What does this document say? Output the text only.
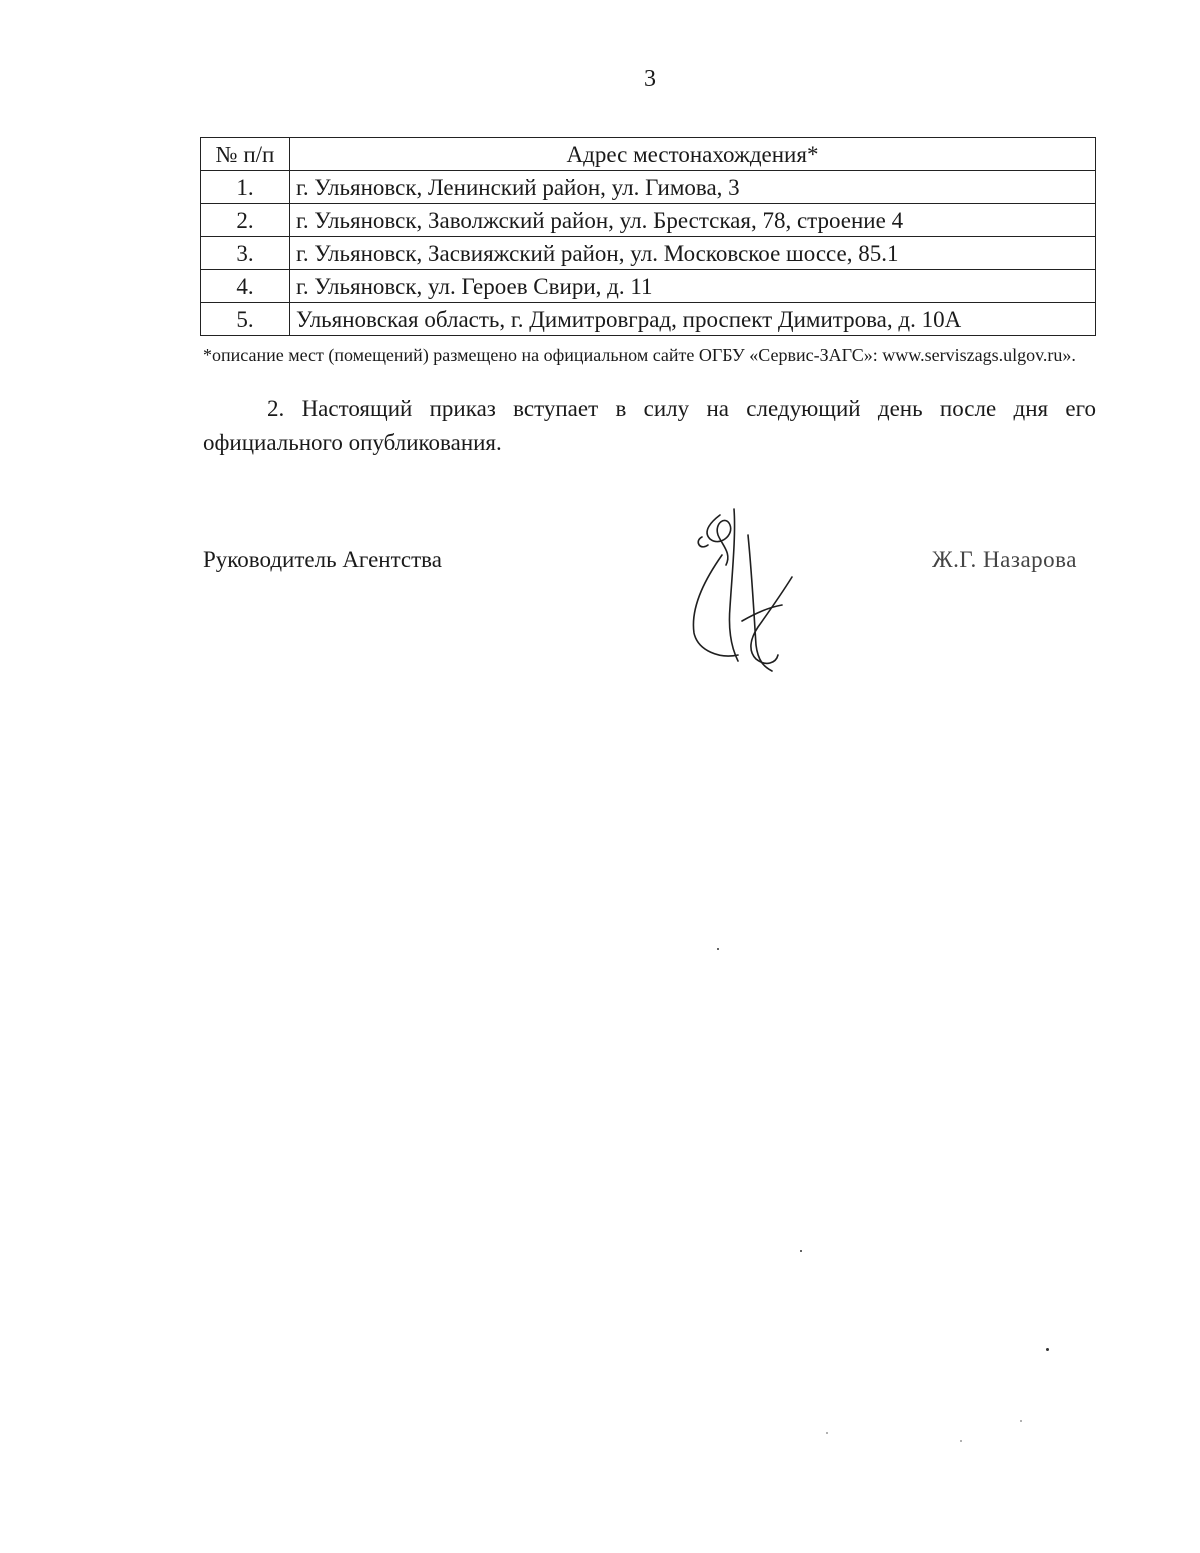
3
№ п/п	Адрес местонахождения*
1.	г. Ульяновск, Ленинский район, ул. Гимова, 3
2.	г. Ульяновск, Заволжский район, ул. Брестская, 78, строение 4
3.	г. Ульяновск, Засвияжский район, ул. Московское шоссе, 85.1
4.	г. Ульяновск, ул. Героев Свири, д. 11
5.	Ульяновская область, г. Димитровград, проспект Димитрова, д. 10А
*описание мест (помещений) размещено на официальном сайте ОГБУ «Сервис-ЗАГС»: www.serviszags.ulgov.ru».
2. Настоящий приказ вступает в силу на следующий день после дня его официального опубликования.
Руководитель Агентства	Ж.Г. Назарова
